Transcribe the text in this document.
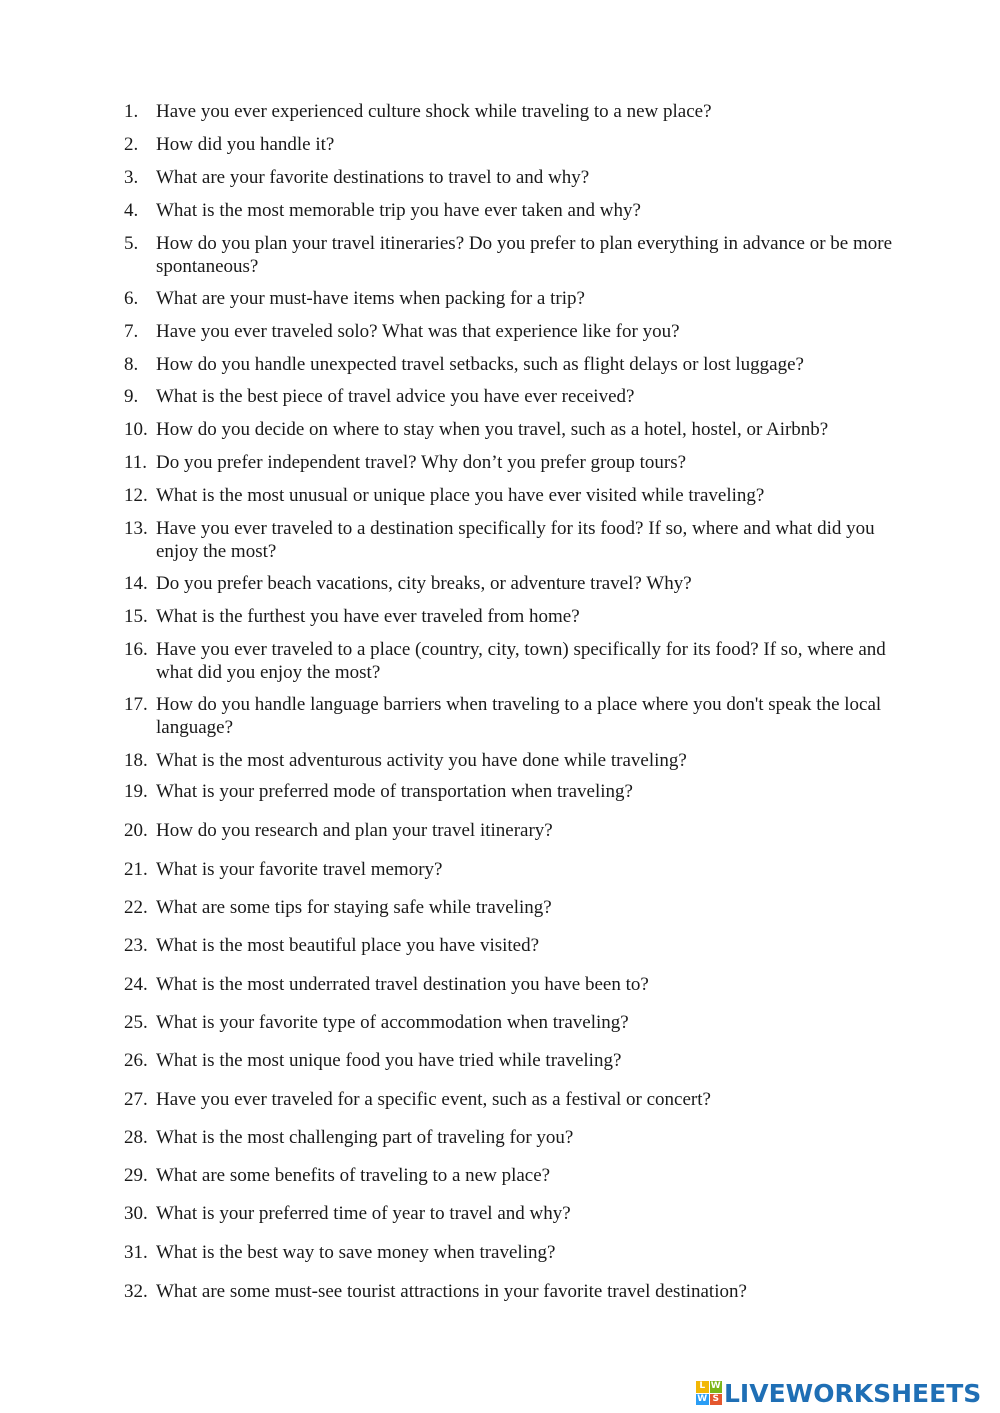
1. Have you ever experienced culture shock while traveling to a new place?
2. How did you handle it?
3. What are your favorite destinations to travel to and why?
4. What is the most memorable trip you have ever taken and why?
5. How do you plan your travel itineraries? Do you prefer to plan everything in advance or be more spontaneous?
6. What are your must-have items when packing for a trip?
7. Have you ever traveled solo? What was that experience like for you?
8. How do you handle unexpected travel setbacks, such as flight delays or lost luggage?
9. What is the best piece of travel advice you have ever received?
10. How do you decide on where to stay when you travel, such as a hotel, hostel, or Airbnb?
11. Do you prefer independent travel? Why don’t you prefer group tours?
12. What is the most unusual or unique place you have ever visited while traveling?
13. Have you ever traveled to a destination specifically for its food? If so, where and what did you enjoy the most?
14. Do you prefer beach vacations, city breaks, or adventure travel? Why?
15. What is the furthest you have ever traveled from home?
16. Have you ever traveled to a place (country, city, town) specifically for its food? If so, where and what did you enjoy the most?
17. How do you handle language barriers when traveling to a place where you don't speak the local language?
18. What is the most adventurous activity you have done while traveling?
19. What is your preferred mode of transportation when traveling?
20. How do you research and plan your travel itinerary?
21. What is your favorite travel memory?
22. What are some tips for staying safe while traveling?
23. What is the most beautiful place you have visited?
24. What is the most underrated travel destination you have been to?
25. What is your favorite type of accommodation when traveling?
26. What is the most unique food you have tried while traveling?
27. Have you ever traveled for a specific event, such as a festival or concert?
28. What is the most challenging part of traveling for you?
29. What are some benefits of traveling to a new place?
30. What is your preferred time of year to travel and why?
31. What is the best way to save money when traveling?
32. What are some must-see tourist attractions in your favorite travel destination?
L W
W S LIVEWORKSHEETS
